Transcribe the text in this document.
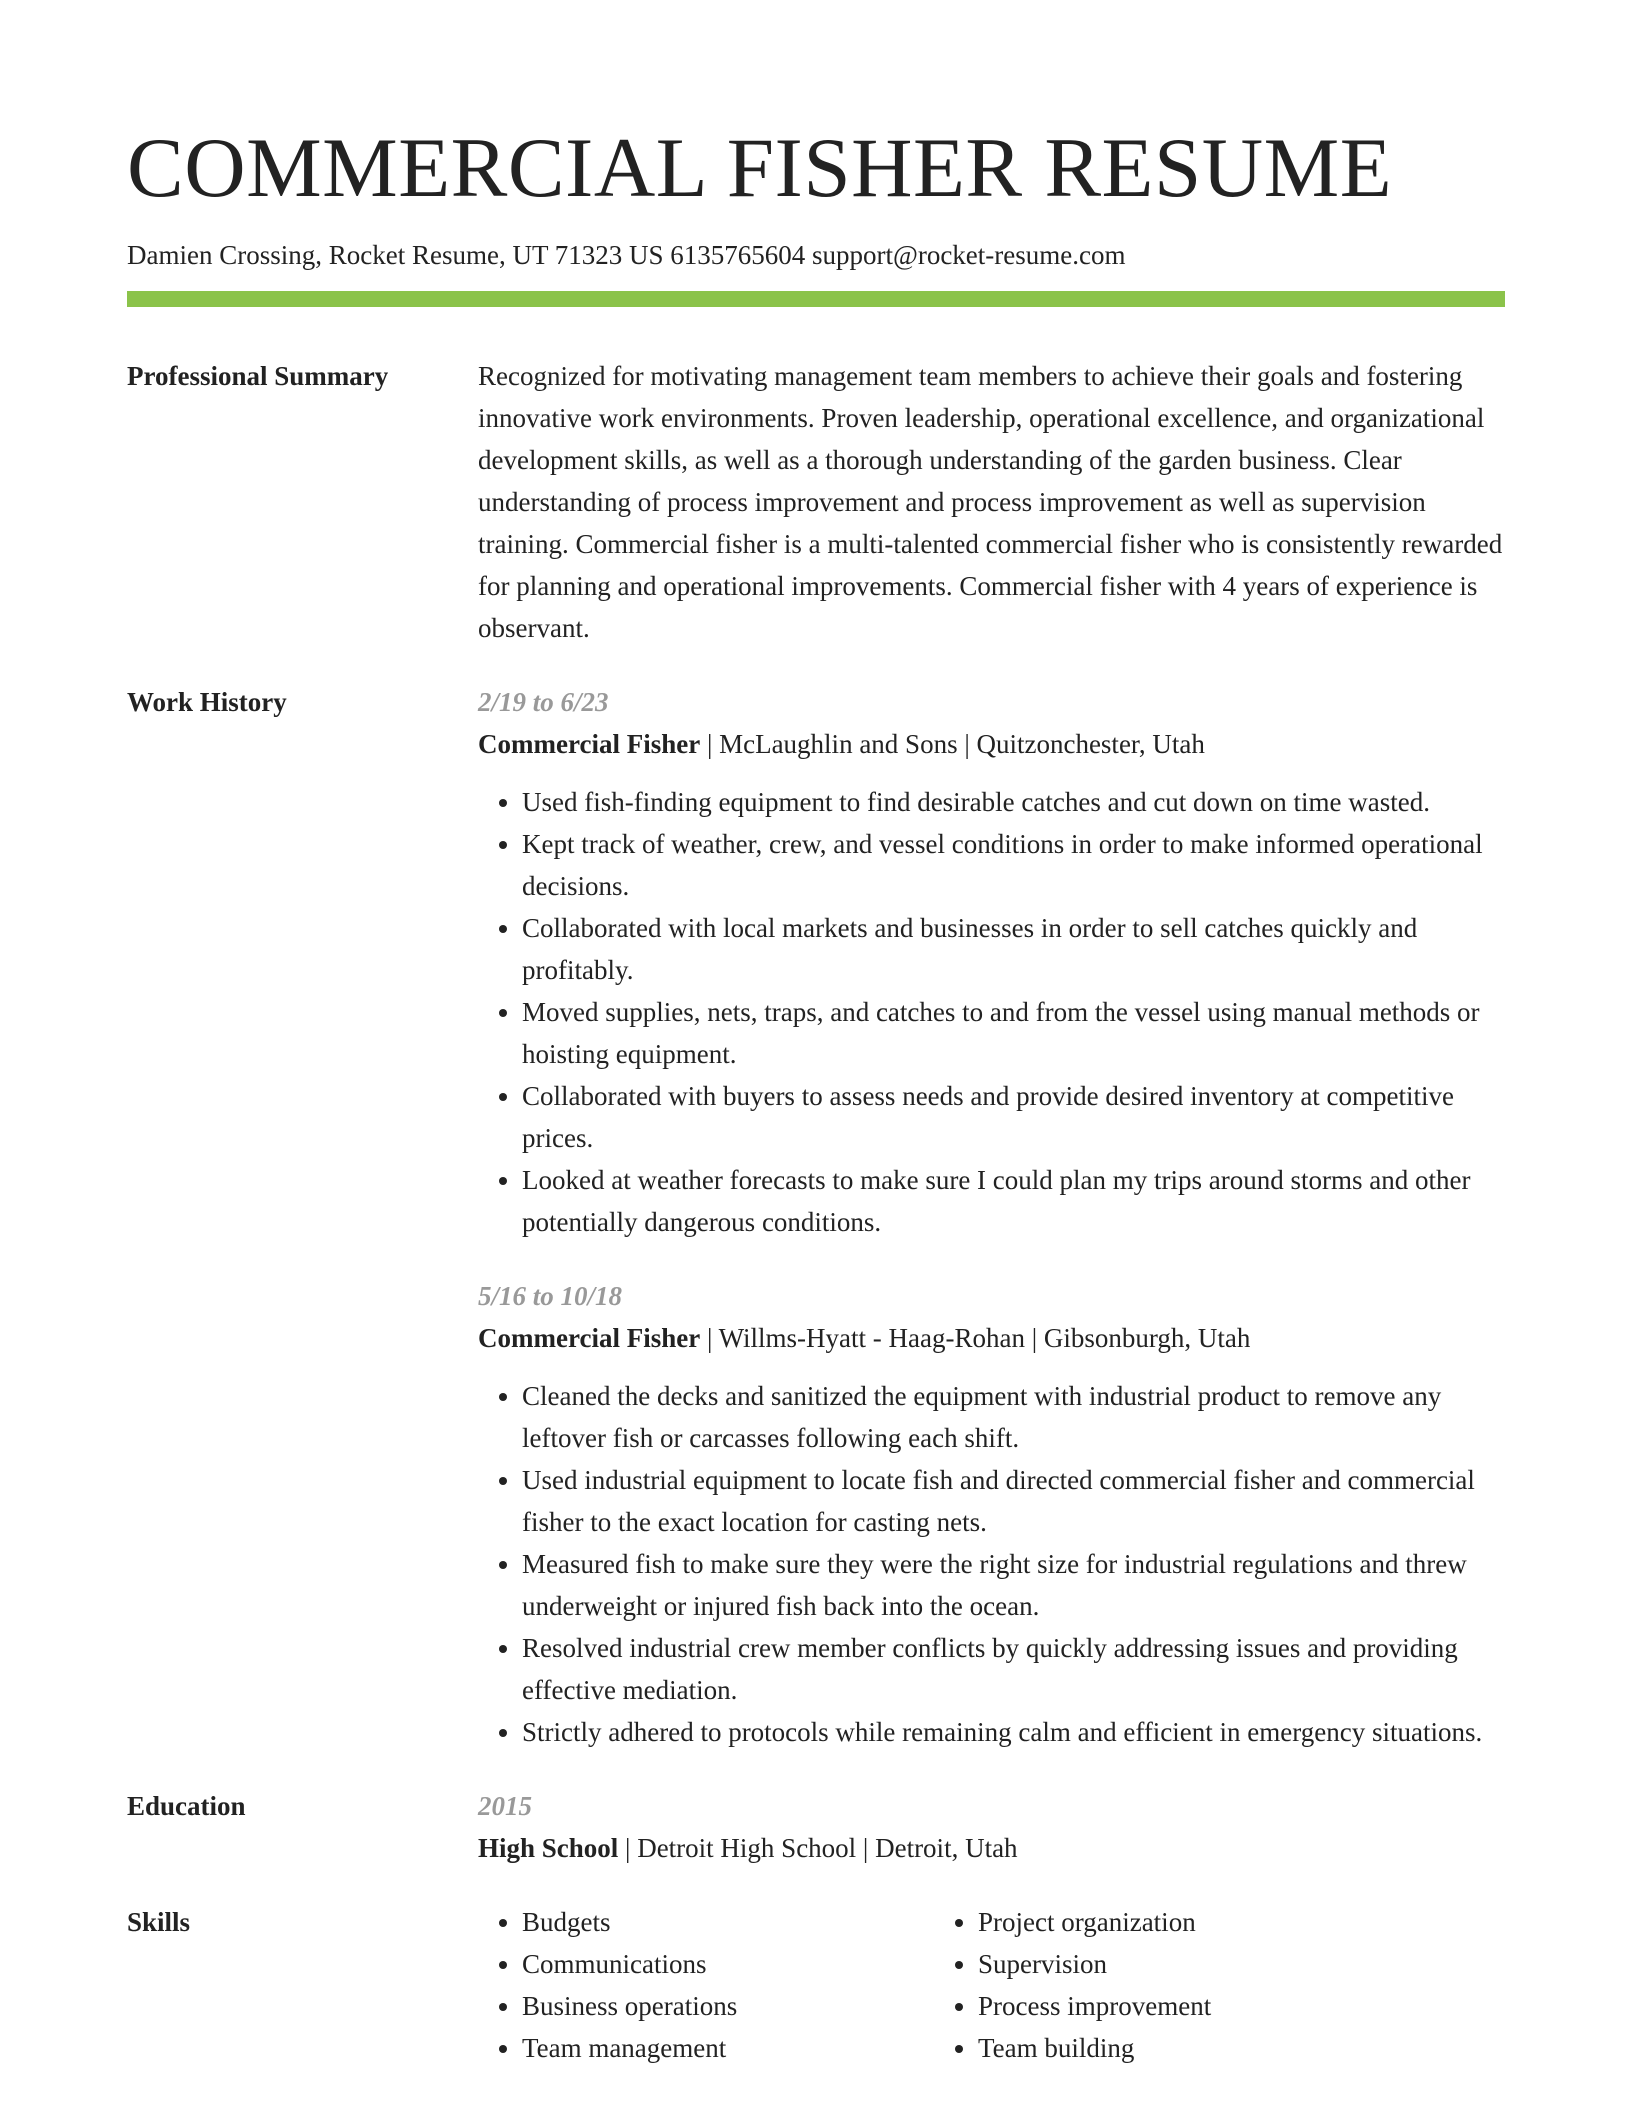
COMMERCIAL FISHER RESUME
Damien Crossing, Rocket Resume, UT 71323 US 6135765604 support@rocket-resume.com
Professional Summary	Recognized for motivating management team members to achieve their goals and fostering innovative work environments. Proven leadership, operational excellence, and organizational development skills, as well as a thorough understanding of the garden business. Clear understanding of process improvement and process improvement as well as supervision training. Commercial fisher is a multi-talented commercial fisher who is consistently rewarded for planning and operational improvements. Commercial fisher with 4 years of experience is observant.

Work History	2/19 to 6/23
Commercial Fisher | McLaughlin and Sons | Quitzonchester, Utah
• Used fish-finding equipment to find desirable catches and cut down on time wasted.
• Kept track of weather, crew, and vessel conditions in order to make informed operational decisions.
• Collaborated with local markets and businesses in order to sell catches quickly and profitably.
• Moved supplies, nets, traps, and catches to and from the vessel using manual methods or hoisting equipment.
• Collaborated with buyers to assess needs and provide desired inventory at competitive prices.
• Looked at weather forecasts to make sure I could plan my trips around storms and other potentially dangerous conditions.
5/16 to 10/18
Commercial Fisher | Willms-Hyatt - Haag-Rohan | Gibsonburgh, Utah
• Cleaned the decks and sanitized the equipment with industrial product to remove any leftover fish or carcasses following each shift.
• Used industrial equipment to locate fish and directed commercial fisher and commercial fisher to the exact location for casting nets.
• Measured fish to make sure they were the right size for industrial regulations and threw underweight or injured fish back into the ocean.
• Resolved industrial crew member conflicts by quickly addressing issues and providing effective mediation.
• Strictly adhered to protocols while remaining calm and efficient in emergency situations.
Education	2015
High School | Detroit High School | Detroit, Utah
Skills
•	Budgets
• Communications
• Business operations
• Team management
• Project organization
• Supervision
• Process improvement
• Team building
